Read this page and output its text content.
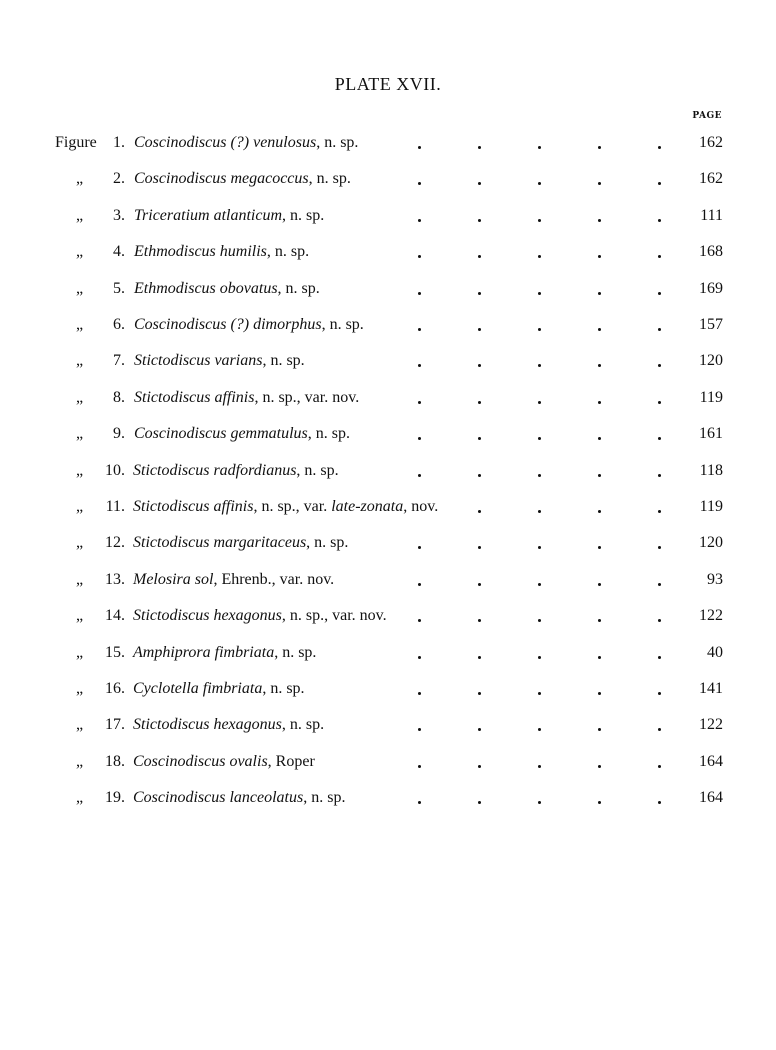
PLATE XVII.
PAGE
Figure 1. Coscinodiscus (?) venulosus, n. sp.	162
„ 2. Coscinodiscus megacoccus, n. sp.	162
„ 3. Triceratium atlanticum, n. sp.	111
„ 4. Ethmodiscus humilis, n. sp.	168
„ 5. Ethmodiscus obovatus, n. sp.	169
„ 6. Coscinodiscus (?) dimorphus, n. sp.	157
„ 7. Stictodiscus varians, n. sp.	120
„ 8. Stictodiscus affinis, n. sp., var. nov.	119
„ 9. Coscinodiscus gemmatulus, n. sp.	161
„ 10. Stictodiscus radfordianus, n. sp.	118
„ 11. Stictodiscus affinis, n. sp., var. late-zonata, nov.	119
„ 12. Stictodiscus margaritaceus, n. sp.	120
„ 13. Melosira sol, Ehrenb., var. nov.	93
„ 14. Stictodiscus hexagonus, n. sp., var. nov.	122
„ 15. Amphiprora fimbriata, n. sp.	40
„ 16. Cyclotella fimbriata, n. sp.	141
„ 17. Stictodiscus hexagonus, n. sp.	122
„ 18. Coscinodiscus ovalis, Roper	164
„ 19. Coscinodiscus lanceolatus, n. sp.	164
